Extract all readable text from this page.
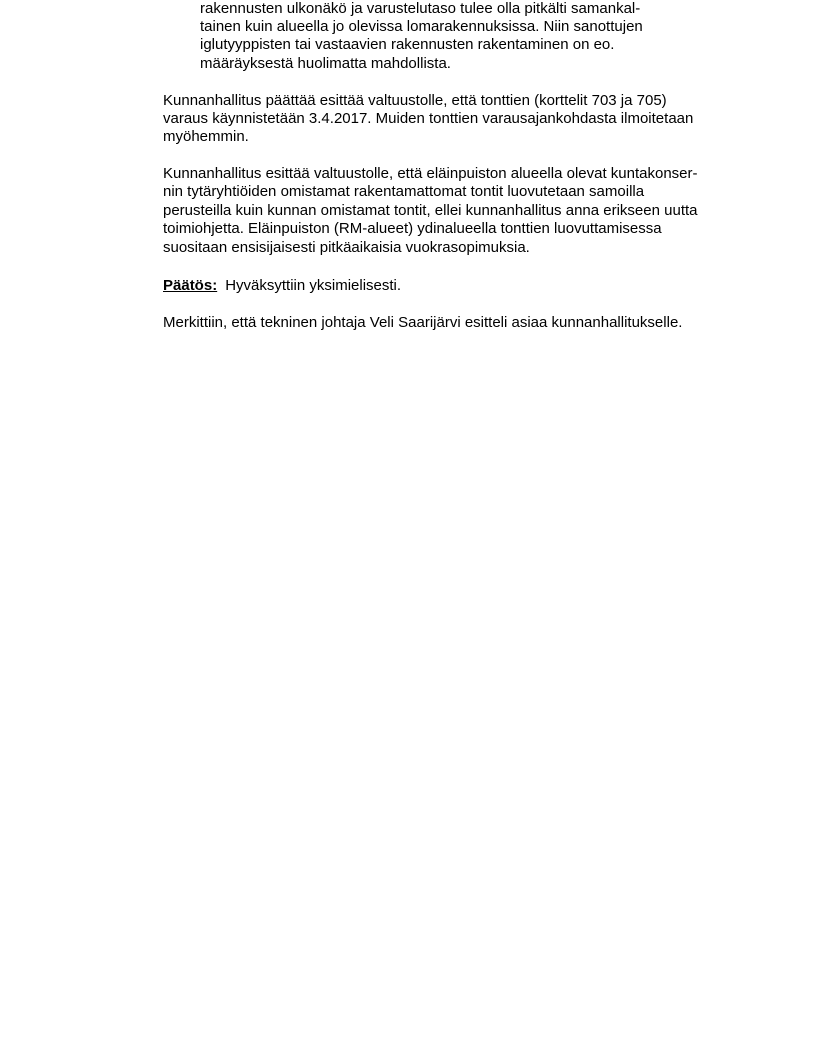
rakennusten ulkonäkö ja varustelutaso tulee olla pitkälti samankal-

tainen kuin alueella jo olevissa lomarakennuksissa. Niin sanottujen

iglutyyppisten tai vastaavien rakennusten rakentaminen on eo.

määräyksestä huolimatta mahdollista.

Kunnanhallitus päättää esittää valtuustolle, että tonttien (korttelit 703 ja 705)

varaus käynnistetään 3.4.2017. Muiden tonttien varausajankohdasta ilmoitetaan

myöhemmin.

Kunnanhallitus esittää valtuustolle, että eläinpuiston alueella olevat kuntakonser-

nin tytäryhtiöiden omistamat rakentamattomat tontit luovutetaan samoilla

perusteilla kuin kunnan omistamat tontit, ellei kunnanhallitus anna erikseen uutta

toimiohjetta. Eläinpuiston (RM-alueet) ydinalueella tonttien luovuttamisessa

suositaan ensisijaisesti pitkäaikaisia vuokrasopimuksia.

Päätös: Hyväksyttiin yksimielisesti.

Merkittiin, että tekninen johtaja Veli Saarijärvi esitteli asiaa kunnanhallitukselle.
